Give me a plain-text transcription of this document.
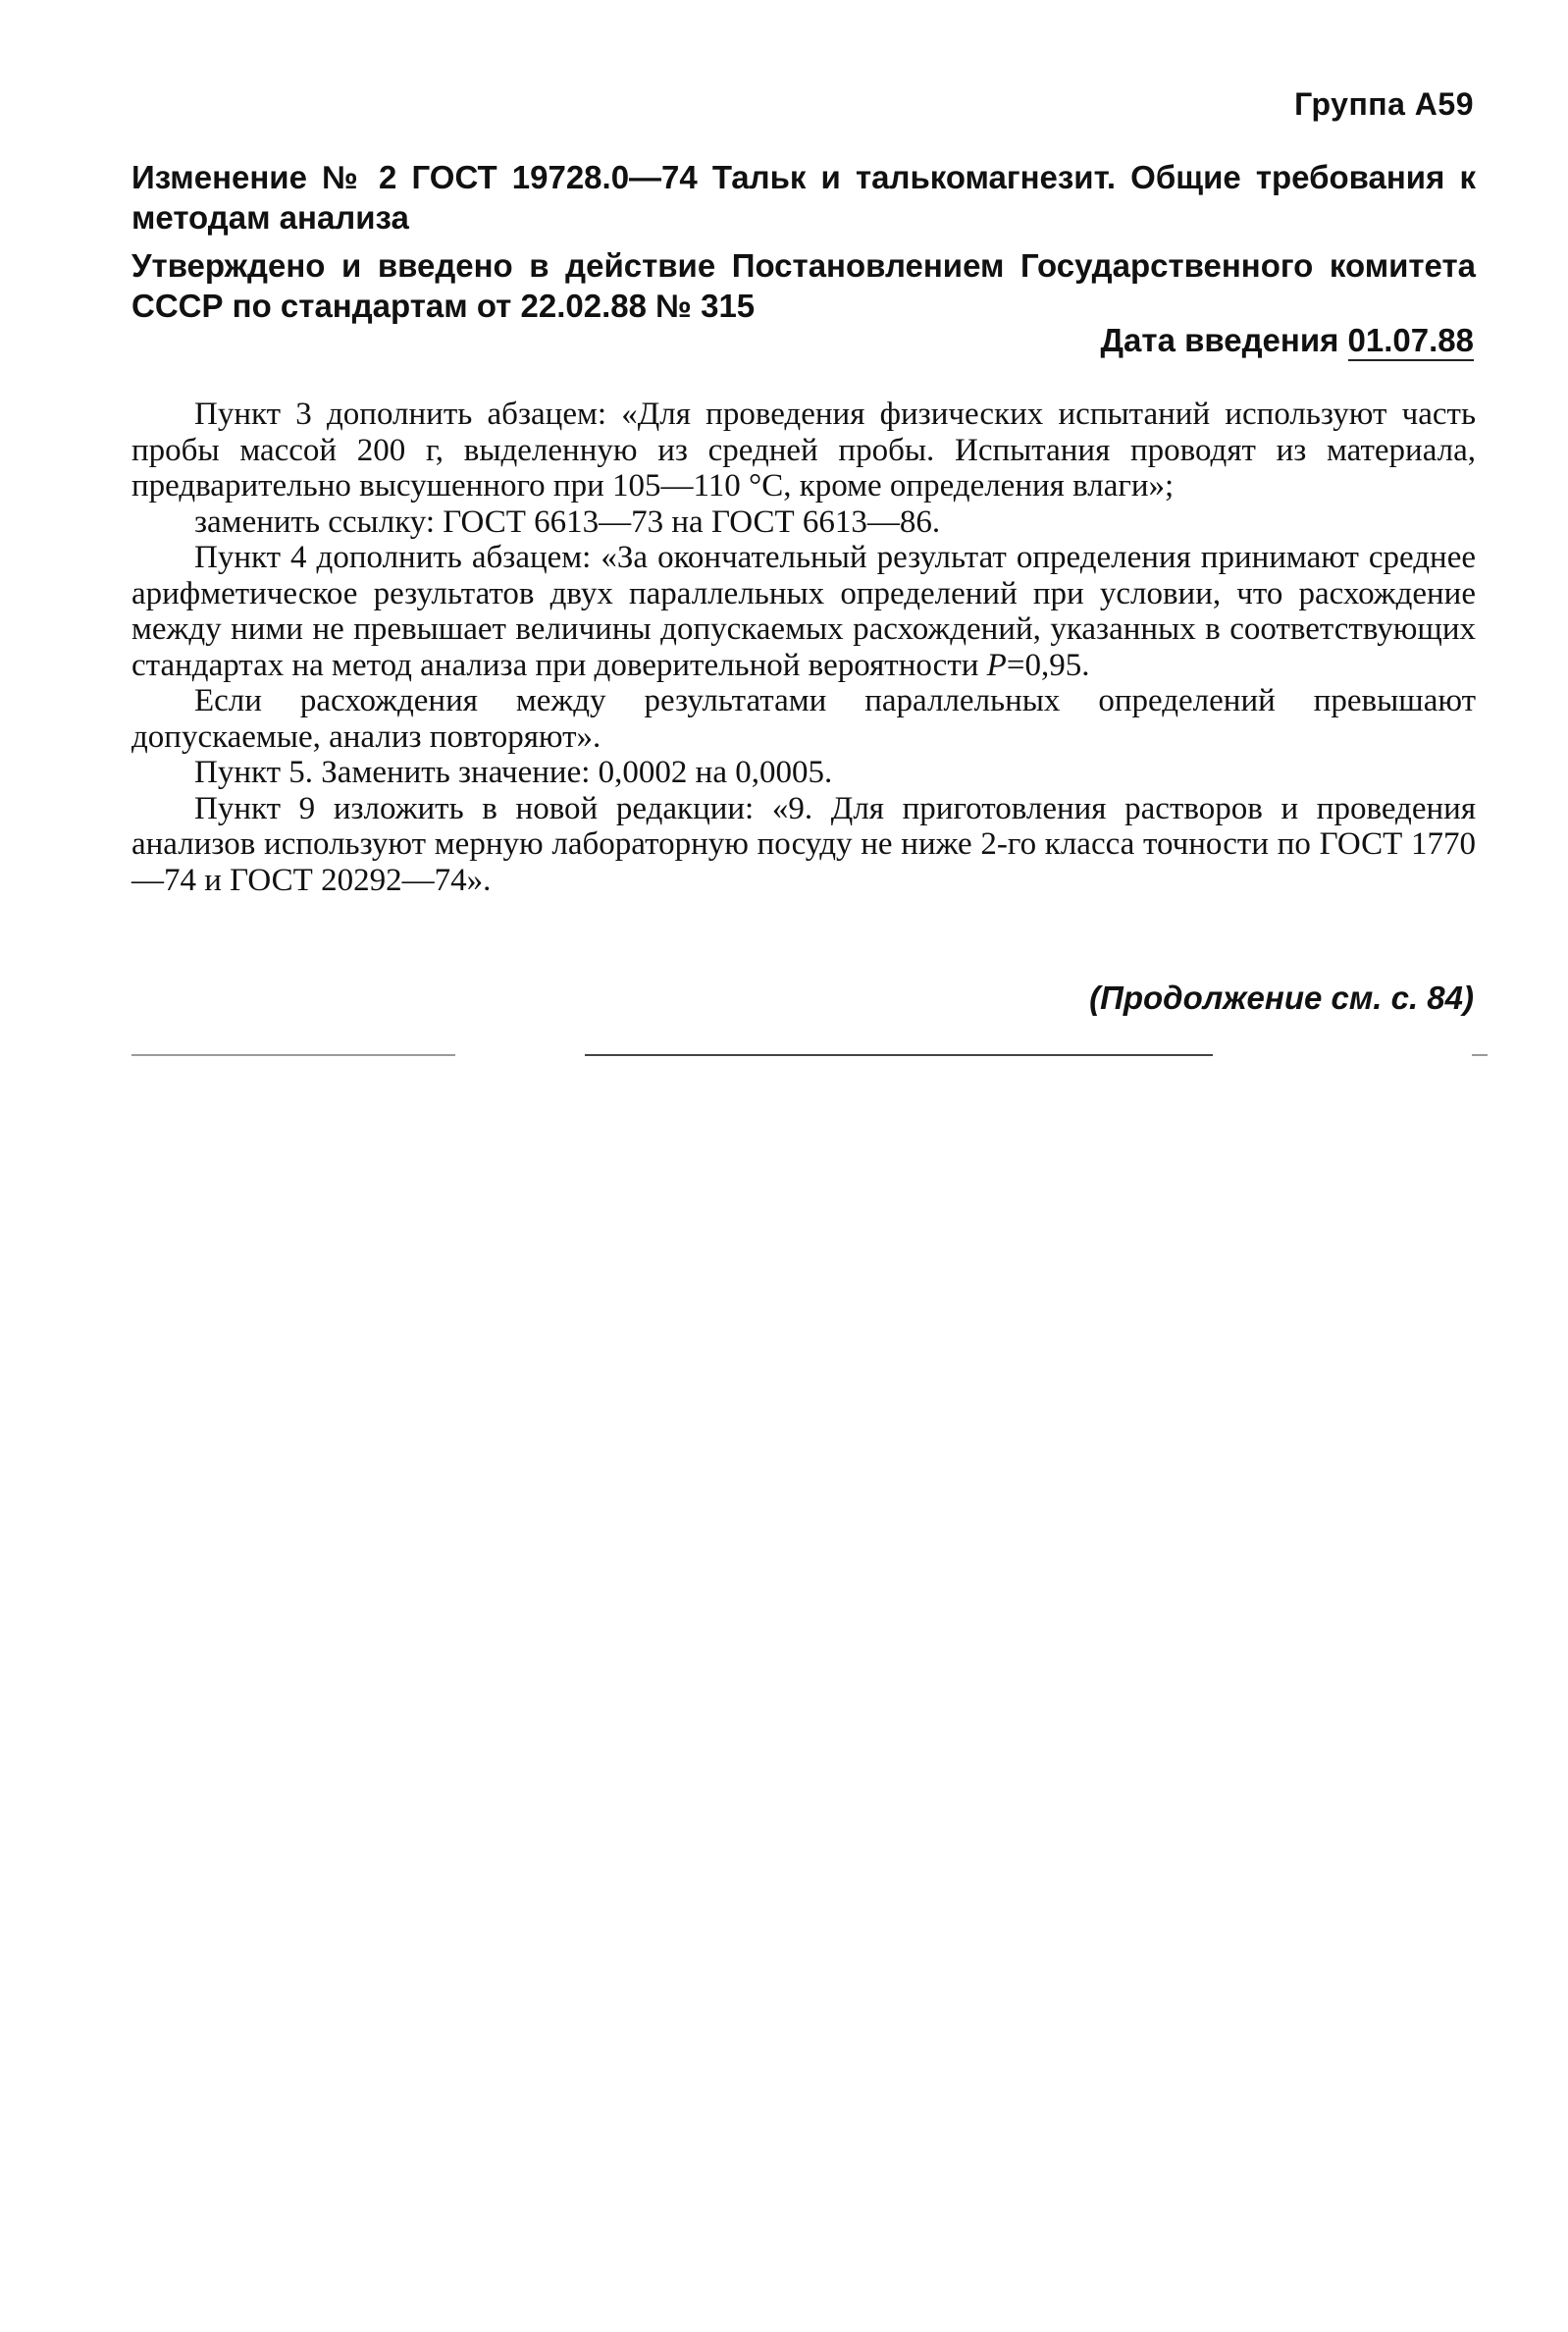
Группа А59
Изменение № 2 ГОСТ 19728.0—74 Тальк и талькомагнезит. Общие требования к методам анализа
Утверждено и введено в действие Постановлением Государственного комитета СССР по стандартам от 22.02.88 № 315
Дата введения 01.07.88

Пункт 3 дополнить абзацем: «Для проведения физических испытаний используют часть пробы массой 200 г, выделенную из средней пробы. Испытания проводят из материала, предварительно высушенного при 105—110 °С, кроме определения влаги»;

заменить ссылку: ГОСТ 6613—73 на ГОСТ 6613—86.

Пункт 4 дополнить абзацем: «За окончательный результат определения принимают среднее арифметическое результатов двух параллельных определений при условии, что расхождение между ними не превышает величины допускаемых расхождений, указанных в соответствующих стандартах на метод анализа при доверительной вероятности P=0,95.

Если расхождения между результатами параллельных определений превышают допускаемые, анализ повторяют».

Пункт 5. Заменить значение: 0,0002 на 0,0005.

Пункт 9 изложить в новой редакции: «9. Для приготовления растворов и проведения анализов используют мерную лабораторную посуду не ниже 2-го класса точности по ГОСТ 1770—74 и ГОСТ 20292—74».

(Продолжение см. с. 84)
